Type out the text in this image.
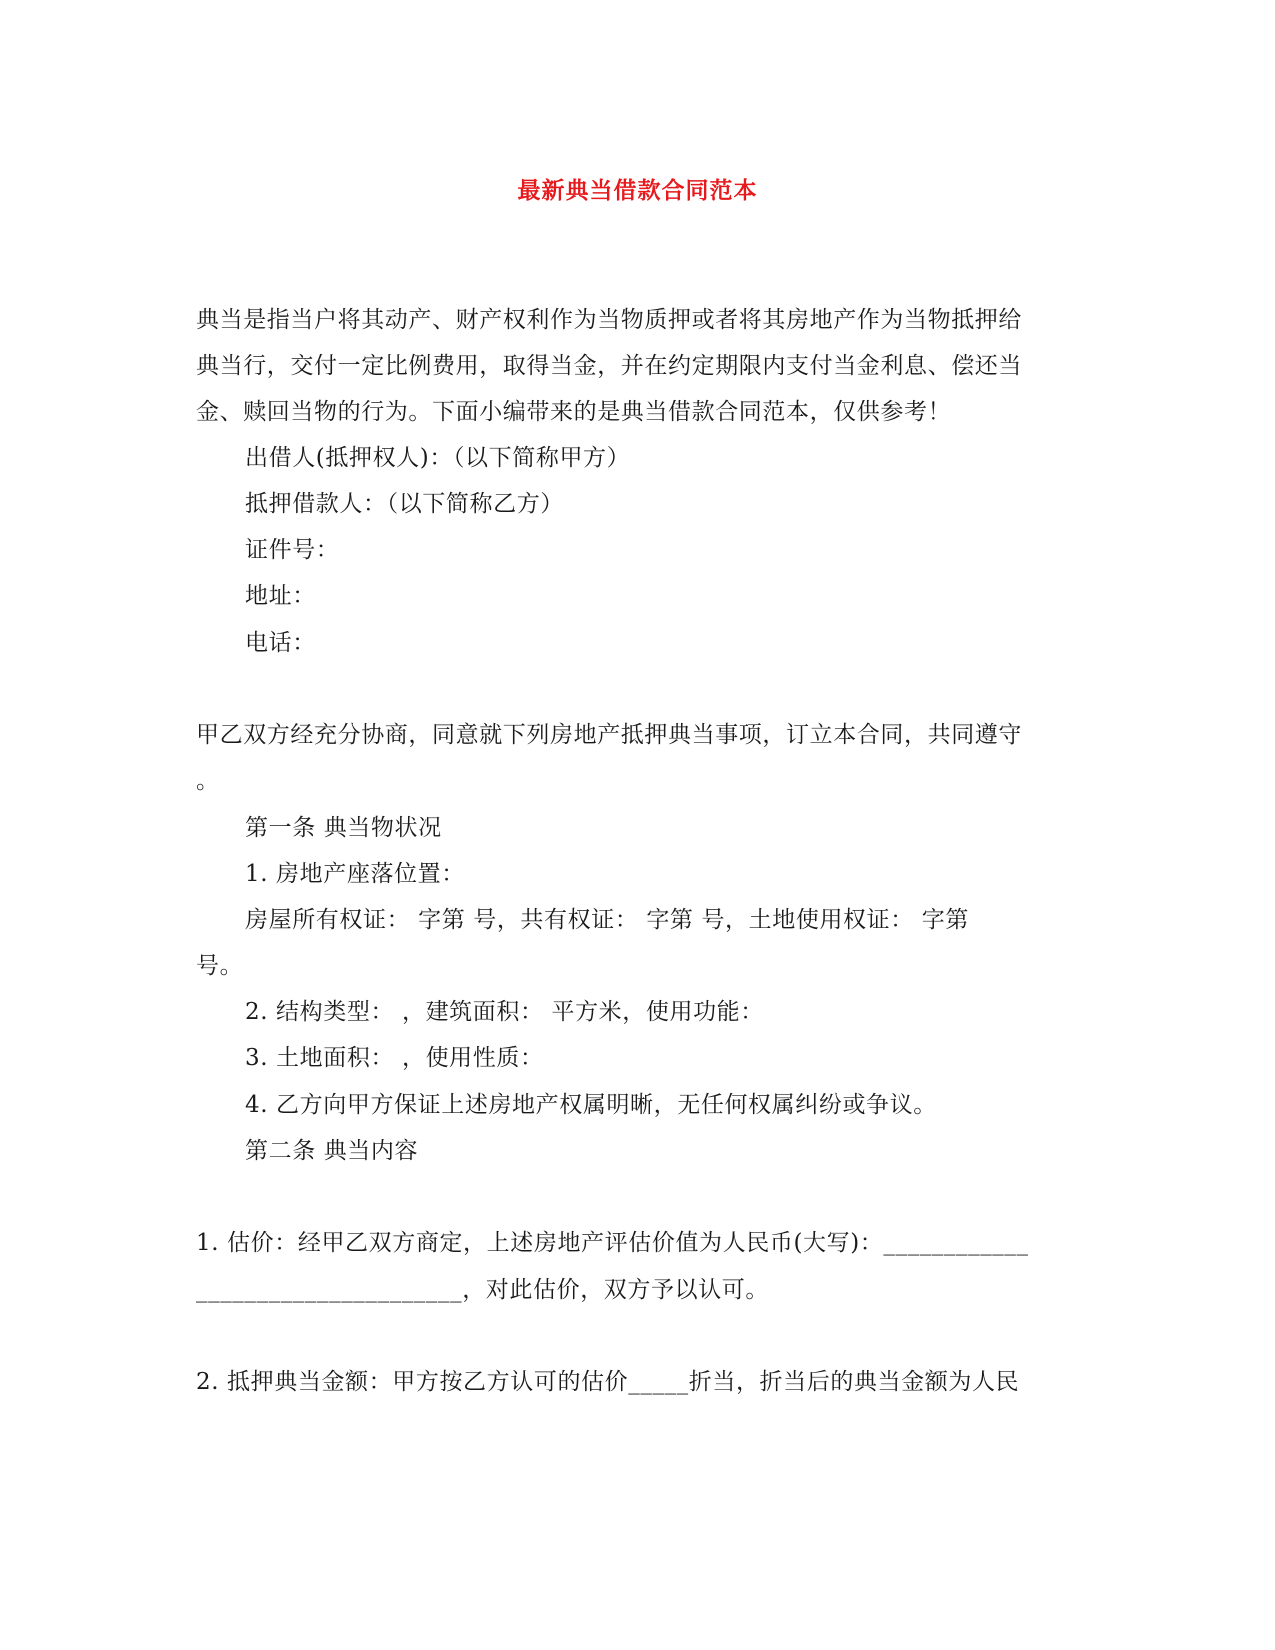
最新典当借款合同范本
典当是指当户将其动产、财产权利作为当物质押或者将其房地产作为当物抵押给
典当行，交付一定比例费用，取得当金，并在约定期限内支付当金利息、偿还当
金、赎回当物的行为。下面小编带来的是典当借款合同范本，仅供参考！
出借人(抵押权人)：（以下简称甲方）
抵押借款人：（以下简称乙方）
证件号：
地址：
电话：
甲乙双方经充分协商，同意就下列房地产抵押典当事项，订立本合同，共同遵守
。
第一条 典当物状况
1. 房地产座落位置：
房屋所有权证： 字第 号，共有权证： 字第 号，土地使用权证： 字第
号。
2. 结构类型： ，建筑面积： 平方米，使用功能：
3. 土地面积： ，使用性质：
4. 乙方向甲方保证上述房地产权属明晰，无任何权属纠纷或争议。
第二条 典当内容
1. 估价：经甲乙双方商定，上述房地产评估价值为人民币(大写)：____________
______________________，对此估价，双方予以认可。
2. 抵押典当金额：甲方按乙方认可的估价_____折当，折当后的典当金额为人民
